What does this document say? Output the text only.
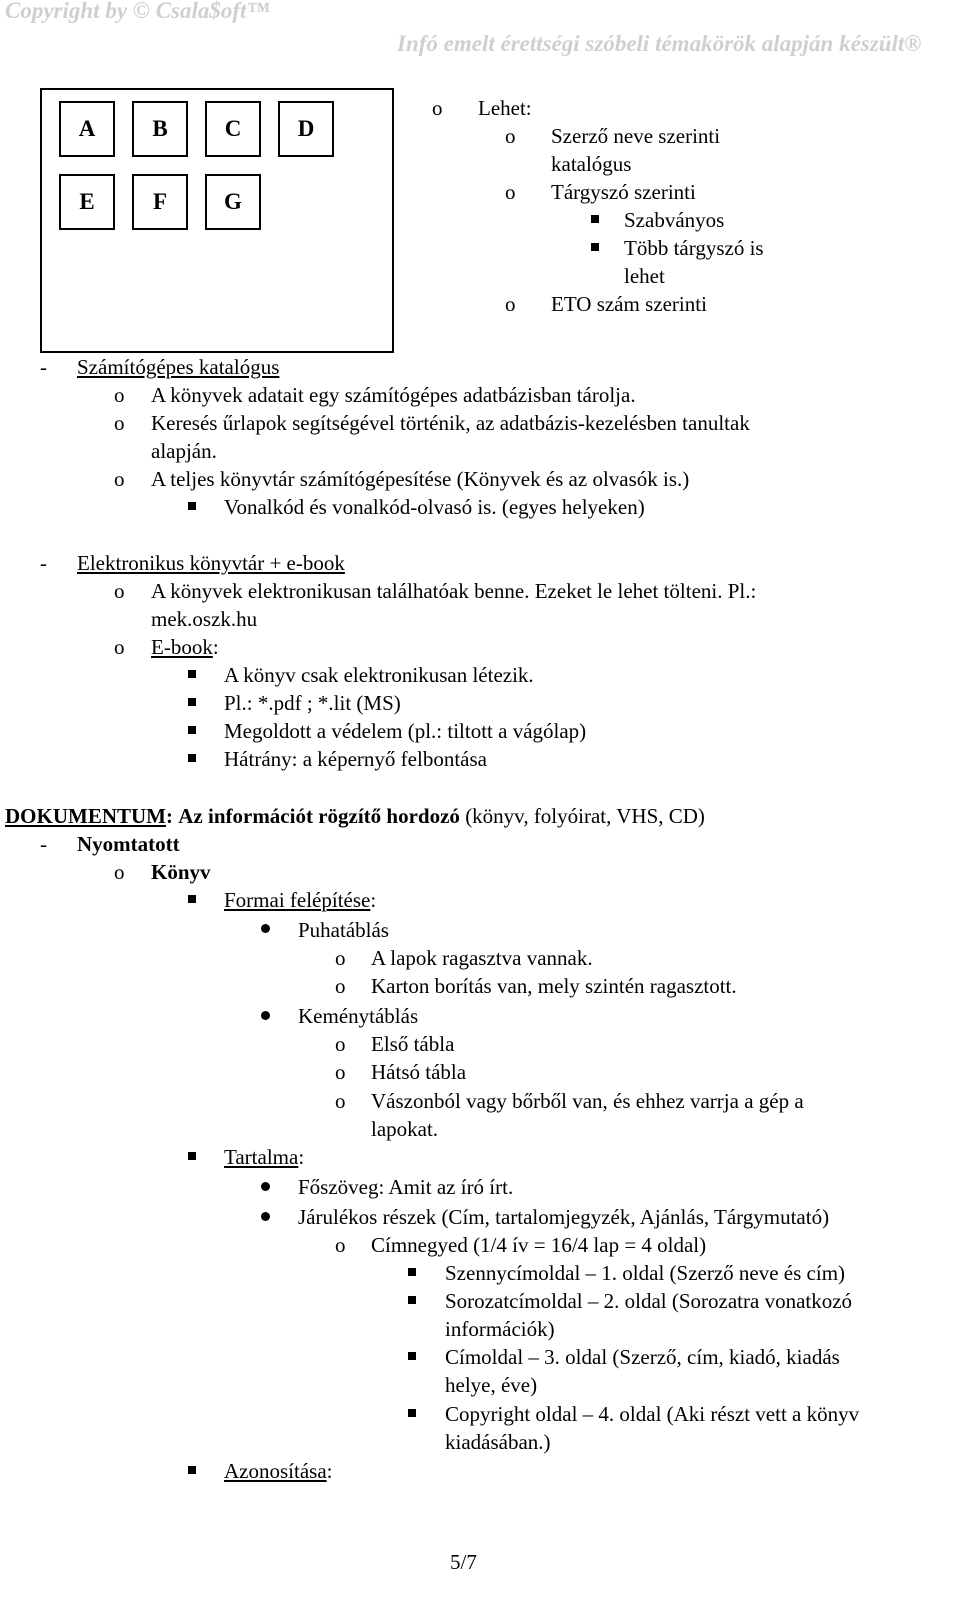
Copyright by © Csala$oft™
Infó emelt érettségi szóbeli témakörök alapján készült®
A	B	C	D
E	F	G
o Lehet:
o Szerző neve szerinti
katalógus
o Tárgyszó szerinti
Szabványos
Több tárgyszó is
lehet
o ETO szám szerinti
- Számítógépes katalógus
o A könyvek adatait egy számítógépes adatbázisban tárolja.
o Keresés űrlapok segítségével történik, az adatbázis-kezelésben tanultak
alapján.
o A teljes könyvtár számítógépesítése (Könyvek és az olvasók is.)
Vonalkód és vonalkód-olvasó is. (egyes helyeken)
- Elektronikus könyvtár + e-book
o A könyvek elektronikusan találhatóak benne. Ezeket le lehet tölteni. Pl.:
mek.oszk.hu
o E-book:
A könyv csak elektronikusan létezik.
Pl.: *.pdf ; *.lit (MS)
Megoldott a védelem (pl.: tiltott a vágólap)
Hátrány: a képernyő felbontása
DOKUMENTUM: Az információt rögzítő hordozó (könyv, folyóirat, VHS, CD)
- Nyomtatott
o Könyv
Formai felépítése:
Puhatáblás
o A lapok ragasztva vannak.
o Karton borítás van, mely szintén ragasztott.
Keménytáblás
o Első tábla
o Hátsó tábla
o Vászonból vagy bőrből van, és ehhez varrja a gép a
lapokat.
Tartalma:
Főszöveg: Amit az író írt.
Járulékos részek (Cím, tartalomjegyzék, Ajánlás, Tárgymutató)
o Címnegyed (1/4 ív = 16/4 lap = 4 oldal)
Szennycímoldal – 1. oldal (Szerző neve és cím)
Sorozatcímoldal – 2. oldal (Sorozatra vonatkozó
információk)
Címoldal – 3. oldal (Szerző, cím, kiadó, kiadás
helye, éve)
Copyright oldal – 4. oldal (Aki részt vett a könyv
kiadásában.)
Azonosítása:
5/7
